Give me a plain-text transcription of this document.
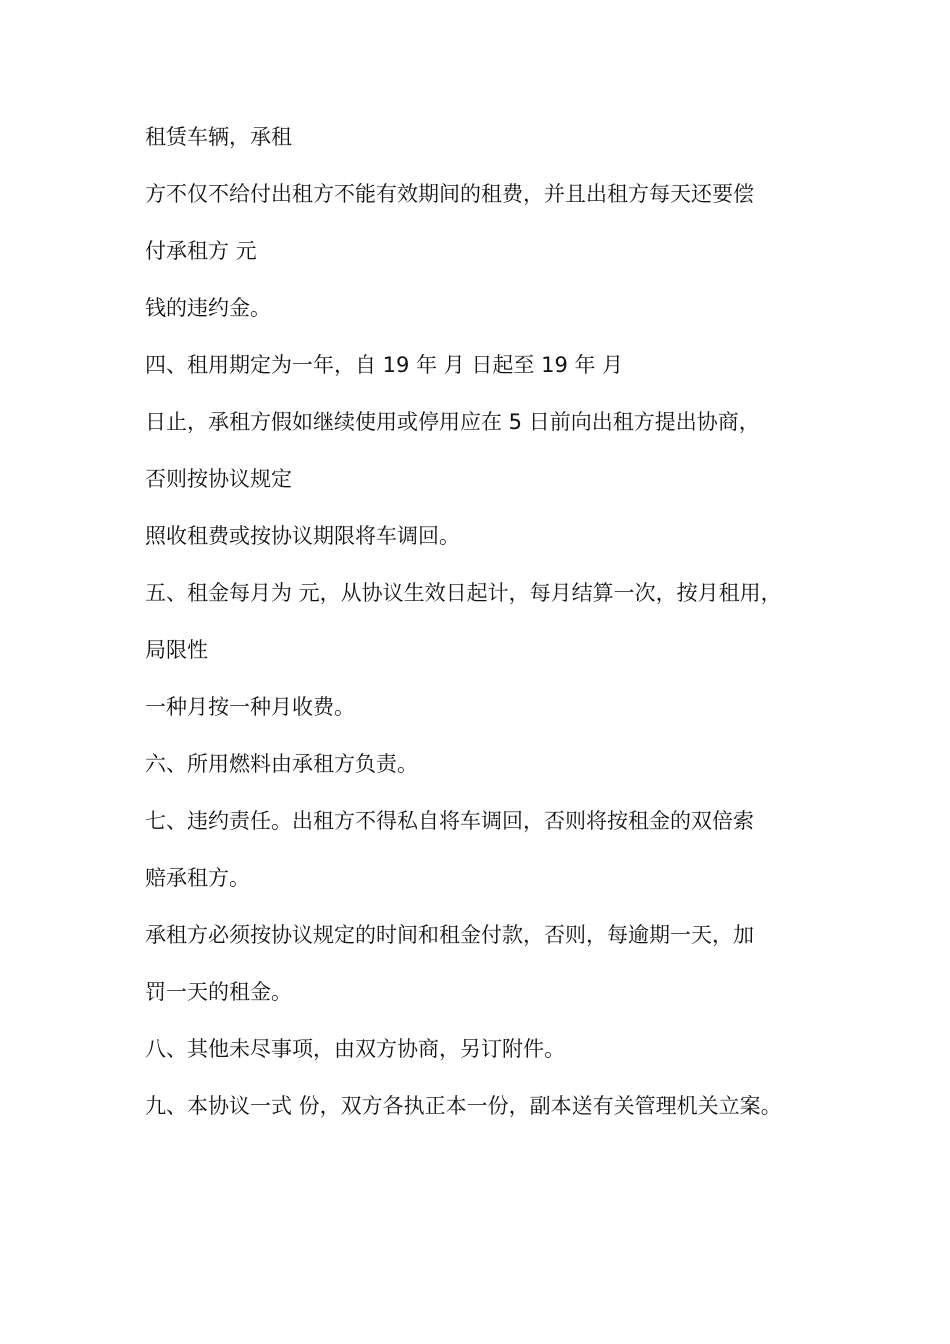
租赁车辆，承租

方不仅不给付出租方不能有效期间的租费，并且出租方每天还要偿

付承租方 元

钱的违约金。

四、租用期定为一年，自 19 年 月 日起至 19 年 月

日止，承租方假如继续使用或停用应在 5 日前向出租方提出协商，

否则按协议规定

照收租费或按协议期限将车调回。

五、租金每月为 元，从协议生效日起计，每月结算一次，按月租用，

局限性

一种月按一种月收费。

六、所用燃料由承租方负责。

七、违约责任。出租方不得私自将车调回，否则将按租金的双倍索

赔承租方。

承租方必须按协议规定的时间和租金付款，否则，每逾期一天，加

罚一天的租金。

八、其他未尽事项，由双方协商，另订附件。

九、本协议一式 份，双方各执正本一份，副本送有关管理机关立案。
